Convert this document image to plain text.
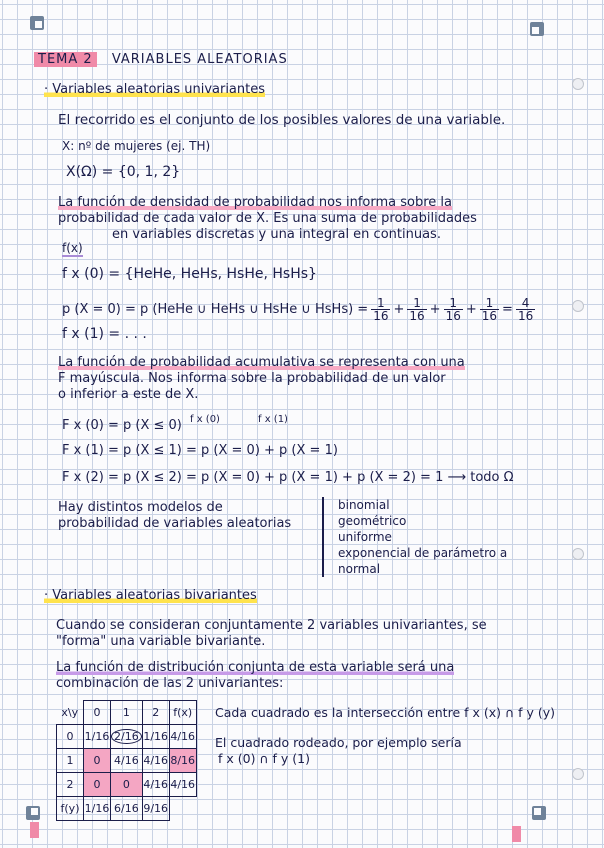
TEMA 2 VARIABLES ALEATORIAS
· Variables aleatorias univariantes
El recorrido es el conjunto de los posibles valores de una variable.
X: nº de mujeres (ej. TH)
X(Ω) = {0, 1, 2}
La función de densidad de probabilidad nos informa sobre la
probabilidad de cada valor de X. Es una suma de probabilidades
en variables discretas y una integral en continuas.
f(x)
f x (0) = {HeHe, HeHs, HsHe, HsHs}
p (X = 0) = p (HeHe ∪ HeHs ∪ HsHe ∪ HsHs) = $\frac{1}{16} + \frac{1}{16} + \frac{1}{16} + \frac{1}{16} = \frac{4}{16}$
f x (1) = . . .
La función de probabilidad acumulativa se representa con una
F mayúscula. Nos informa sobre la probabilidad de un valor
o inferior a este de X.
f x (0)	f x (1)
F x (0) = p (X ≤ 0)
F x (1) = p (X ≤ 1) = p (X = 0) + p (X = 1)
F x (2) = p (X ≤ 2) = p (X = 0) + p (X = 1) + p (X = 2) = 1 ⟶ todo Ω
Hay distintos modelos de
probabilidad de variables aleatorias
binomial
geométrico
uniforme
exponencial de parámetro a
normal
· Variables aleatorias bivariantes
Cuando se consideran conjuntamente 2 variables univariantes, se
"forma" una variable bivariante.
La función de distribución conjunta de esta variable será una
combinación de las 2 univariantes:
x\y	0	1	2	f(x)
0	1/16	2/16	1/16	4/16
1	0	4/16	4/16	8/16
2	0	0	4/16	4/16
f(y)	1/16	6/16	9/16	
Cada cuadrado es la intersección entre f x (x) ∩ f y (y)
El cuadrado rodeado, por ejemplo sería
f x (0) ∩ f y (1)
